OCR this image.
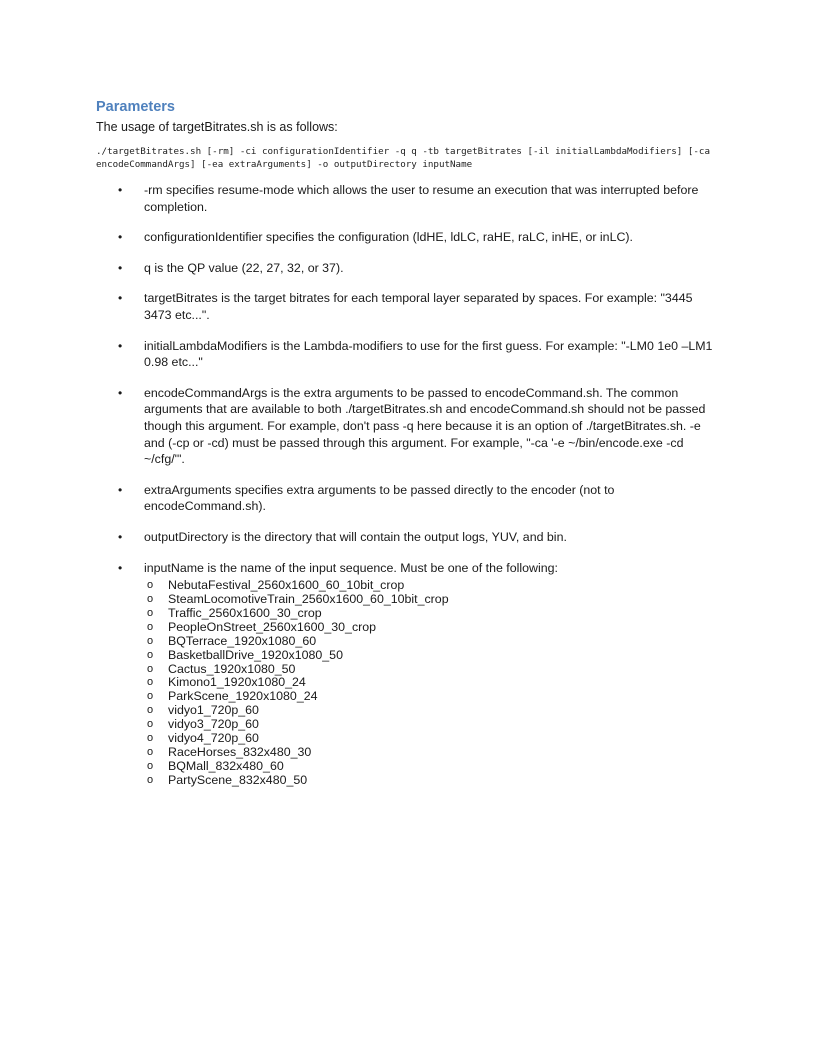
Parameters

The usage of targetBitrates.sh is as follows:

./targetBitrates.sh [-rm] -ci configurationIdentifier -q q -tb targetBitrates [-il initialLambdaModifiers] [-ca encodeCommandArgs] [-ea extraArguments] -o outputDirectory inputName

• -rm specifies resume-mode which allows the user to resume an execution that was interrupted before completion.
• configurationIdentifier specifies the configuration (ldHE, ldLC, raHE, raLC, inHE, or inLC).
• q is the QP value (22, 27, 32, or 37).
• targetBitrates is the target bitrates for each temporal layer separated by spaces. For example: "3445 3473 etc...".
• initialLambdaModifiers is the Lambda-modifiers to use for the first guess. For example: "-LM0 1e0 –LM1 0.98 etc..."
• encodeCommandArgs is the extra arguments to be passed to encodeCommand.sh. The common arguments that are available to both ./targetBitrates.sh and encodeCommand.sh should not be passed though this argument. For example, don't pass -q here because it is an option of ./targetBitrates.sh. -e and (-cp or -cd) must be passed through this argument. For example, "-ca '-e ~/bin/encode.exe -cd ~/cfg/'".
• extraArguments specifies extra arguments to be passed directly to the encoder (not to encodeCommand.sh).
• outputDirectory is the directory that will contain the output logs, YUV, and bin.
• inputName is the name of the input sequence. Must be one of the following:
o NebutaFestival_2560x1600_60_10bit_crop
o SteamLocomotiveTrain_2560x1600_60_10bit_crop
o Traffic_2560x1600_30_crop
o PeopleOnStreet_2560x1600_30_crop
o BQTerrace_1920x1080_60
o BasketballDrive_1920x1080_50
o Cactus_1920x1080_50
o Kimono1_1920x1080_24
o ParkScene_1920x1080_24
o vidyo1_720p_60
o vidyo3_720p_60
o vidyo4_720p_60
o RaceHorses_832x480_30
o BQMall_832x480_60
o PartyScene_832x480_50
